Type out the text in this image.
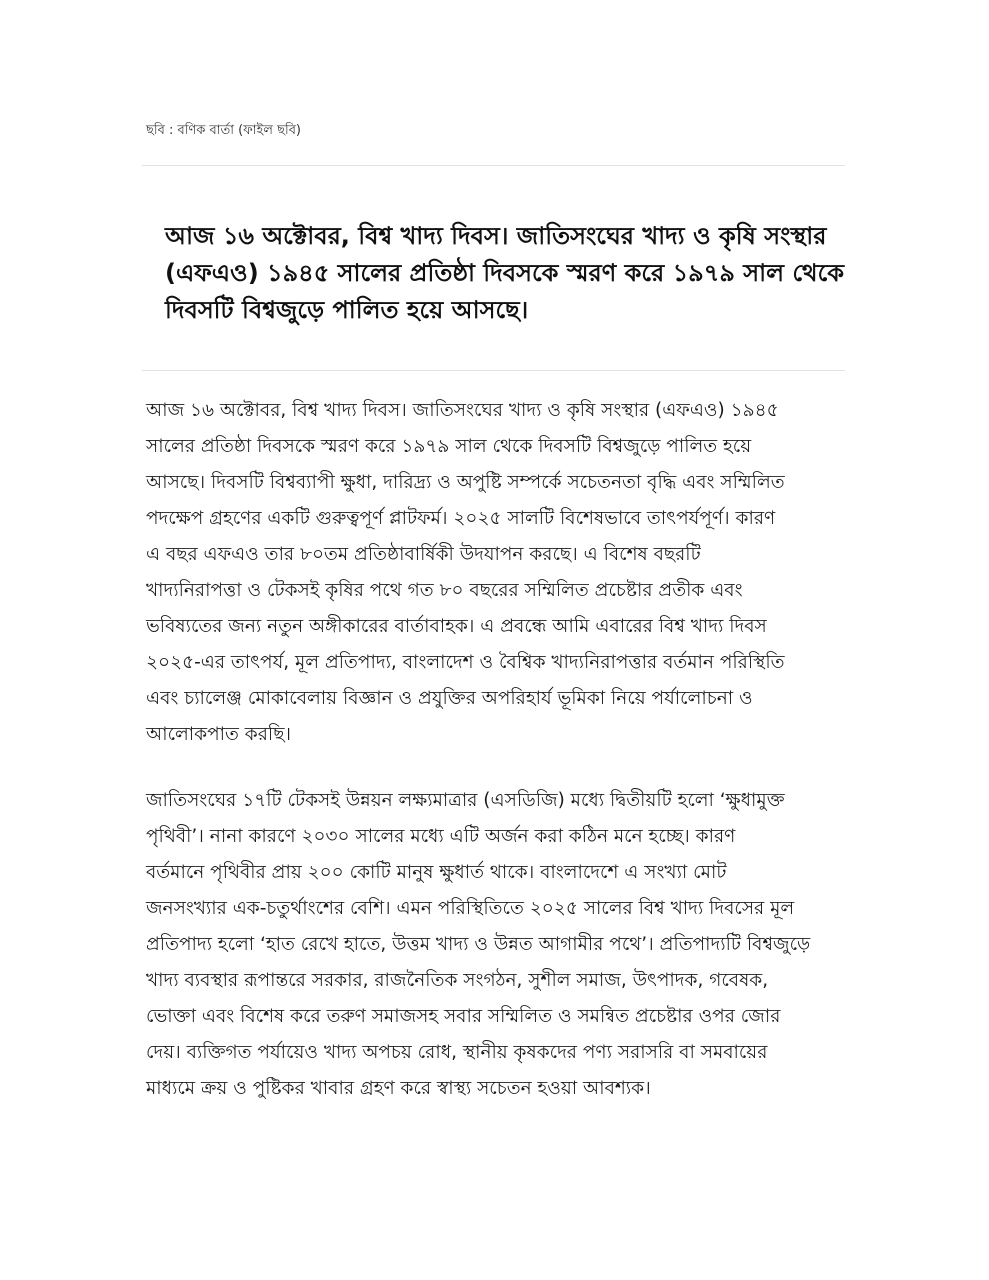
ছবি : বণিক বার্তা (ফাইল ছবি)
আজ ১৬ অক্টোবর, বিশ্ব খাদ্য দিবস। জাতিসংঘের খাদ্য ও কৃষি সংস্থার
(এফএও) ১৯৪৫ সালের প্রতিষ্ঠা দিবসকে স্মরণ করে ১৯৭৯ সাল থেকে
দিবসটি বিশ্বজুড়ে পালিত হয়ে আসছে।
আজ ১৬ অক্টোবর, বিশ্ব খাদ্য দিবস। জাতিসংঘের খাদ্য ও কৃষি সংস্থার (এফএও) ১৯৪৫
সালের প্রতিষ্ঠা দিবসকে স্মরণ করে ১৯৭৯ সাল থেকে দিবসটি বিশ্বজুড়ে পালিত হয়ে
আসছে। দিবসটি বিশ্বব্যাপী ক্ষুধা, দারিদ্র্য ও অপুষ্টি সম্পর্কে সচেতনতা বৃদ্ধি এবং সম্মিলিত
পদক্ষেপ গ্রহণের একটি গুরুত্বপূর্ণ প্লাটফর্ম। ২০২৫ সালটি বিশেষভাবে তাৎপর্যপূর্ণ। কারণ
এ বছর এফএও তার ৮০তম প্রতিষ্ঠাবার্ষিকী উদযাপন করছে। এ বিশেষ বছরটি
খাদ্যনিরাপত্তা ও টেকসই কৃষির পথে গত ৮০ বছরের সম্মিলিত প্রচেষ্টার প্রতীক এবং
ভবিষ্যতের জন্য নতুন অঙ্গীকারের বার্তাবাহক। এ প্রবন্ধে আমি এবারের বিশ্ব খাদ্য দিবস
২০২৫-এর তাৎপর্য, মূল প্রতিপাদ্য, বাংলাদেশ ও বৈশ্বিক খাদ্যনিরাপত্তার বর্তমান পরিস্থিতি
এবং চ্যালেঞ্জ মোকাবেলায় বিজ্ঞান ও প্রযুক্তির অপরিহার্য ভূমিকা নিয়ে পর্যালোচনা ও
আলোকপাত করছি।
জাতিসংঘের ১৭টি টেকসই উন্নয়ন লক্ষ্যমাত্রার (এসডিজি) মধ্যে দ্বিতীয়টি হলো ‘ক্ষুধামুক্ত
পৃথিবী’। নানা কারণে ২০৩০ সালের মধ্যে এটি অর্জন করা কঠিন মনে হচ্ছে। কারণ
বর্তমানে পৃথিবীর প্রায় ২০০ কোটি মানুষ ক্ষুধার্ত থাকে। বাংলাদেশে এ সংখ্যা মোট
জনসংখ্যার এক-চতুর্থাংশের বেশি। এমন পরিস্থিতিতে ২০২৫ সালের বিশ্ব খাদ্য দিবসের মূল
প্রতিপাদ্য হলো ‘হাত রেখে হাতে, উত্তম খাদ্য ও উন্নত আগামীর পথে’। প্রতিপাদ্যটি বিশ্বজুড়ে
খাদ্য ব্যবস্থার রূপান্তরে সরকার, রাজনৈতিক সংগঠন, সুশীল সমাজ, উৎপাদক, গবেষক,
ভোক্তা এবং বিশেষ করে তরুণ সমাজসহ সবার সম্মিলিত ও সমন্বিত প্রচেষ্টার ওপর জোর
দেয়। ব্যক্তিগত পর্যায়েও খাদ্য অপচয় রোধ, স্থানীয় কৃষকদের পণ্য সরাসরি বা সমবায়ের
মাধ্যমে ক্রয় ও পুষ্টিকর খাবার গ্রহণ করে স্বাস্থ্য সচেতন হওয়া আবশ্যক।
